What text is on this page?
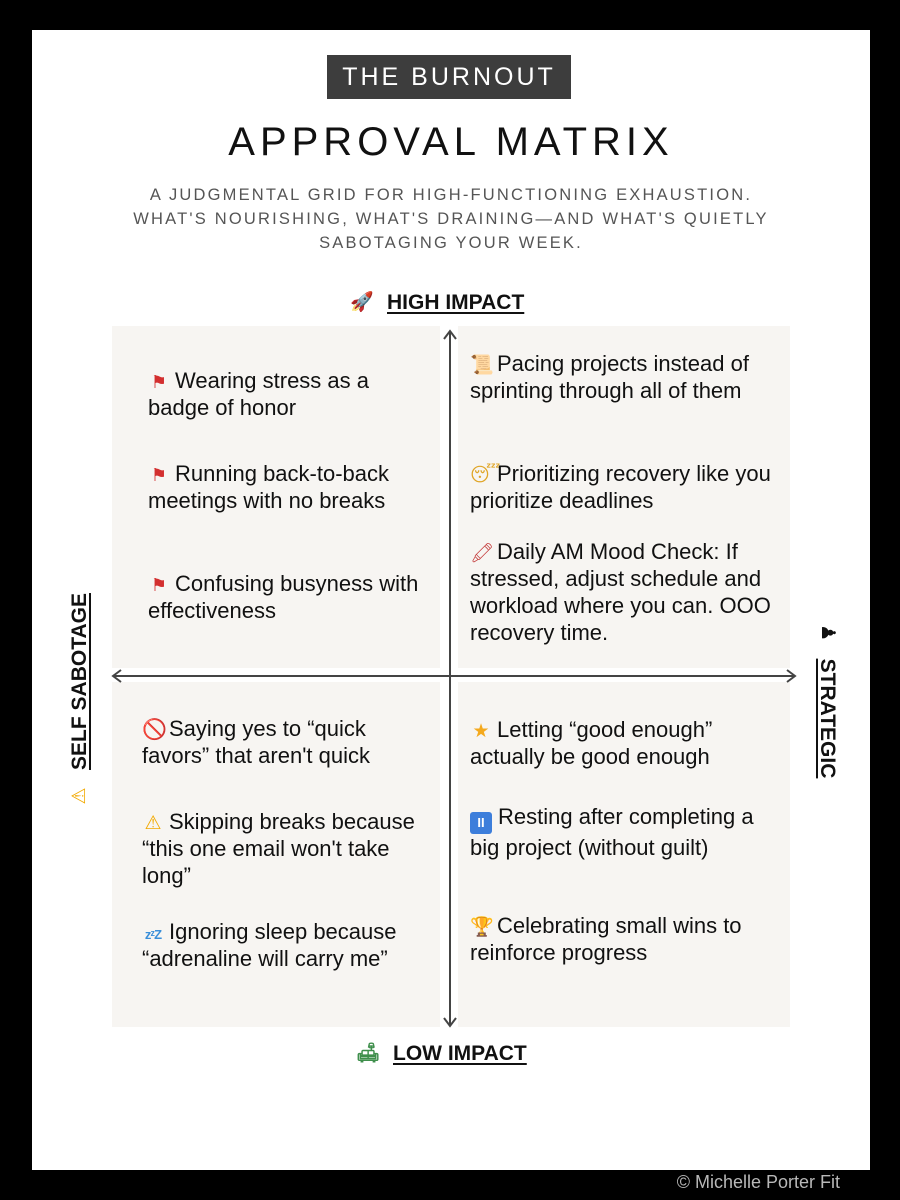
THE BURNOUT
APPROVAL MATRIX
A JUDGMENTAL GRID FOR HIGH-FUNCTIONING EXHAUSTION. WHAT'S NOURISHING, WHAT'S DRAINING—AND WHAT'S QUIETLY SABOTAGING YOUR WEEK.
🚀 HIGH IMPACT
🛋 LOW IMPACT
⚠
SELF SABOTAGE	♟
STRATEGIC
⚑ Wearing stress as a badge of honor
⚑ Running back-to-back meetings with no breaks
⚑ Confusing busyness with effectiveness
📜 Pacing projects instead of sprinting through all of them
😴Prioritizing recovery like you prioritize deadlines
🖍 Daily AM Mood Check: If stressed, adjust schedule and workload where you can. OOO recovery time.
🚫Saying yes to “quick favors” that aren't quick
⚠ Skipping breaks because “this one email won't take long”
zᶻZ Ignoring sleep because “adrenaline will carry me”
★ Letting “good enough” actually be good enough
II Resting after completing a big project (without guilt)
🏆 Celebrating small wins to reinforce progress
© Michelle Porter Fit
